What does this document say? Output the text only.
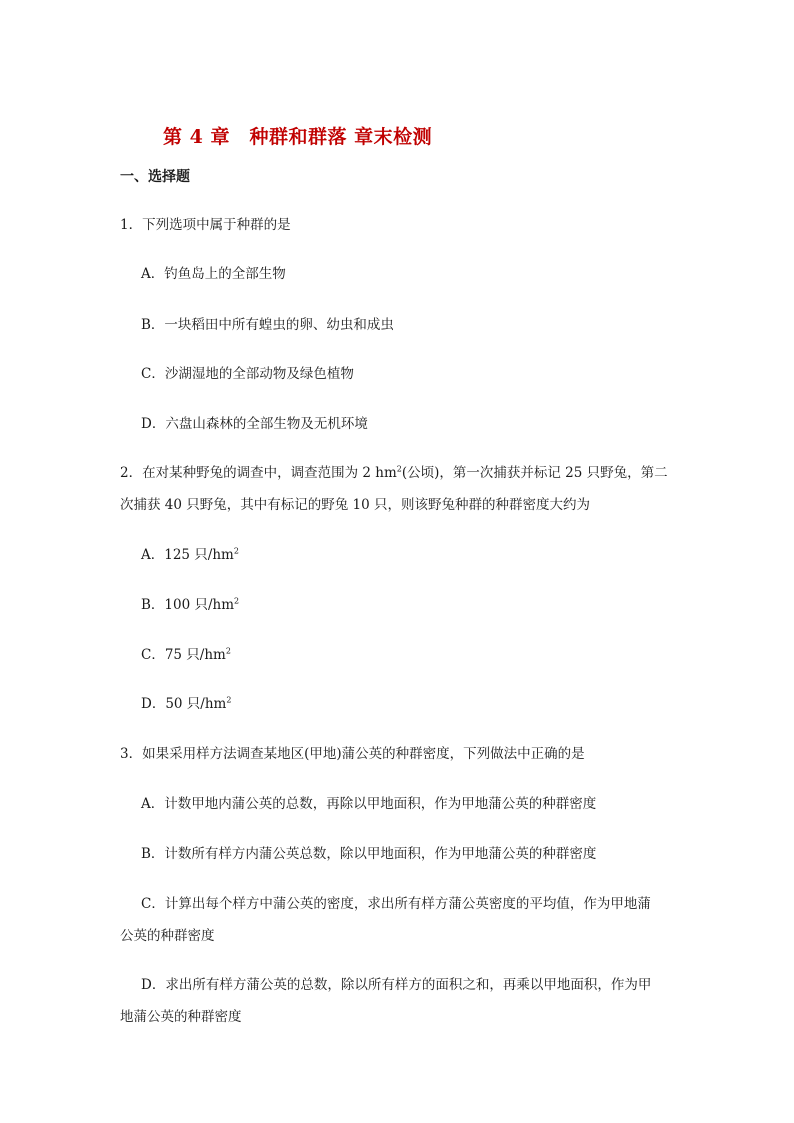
第 4 章　种群和群落 章末检测
一、选择题
1．下列选项中属于种群的是
A．钓鱼岛上的全部生物
B．一块稻田中所有蝗虫的卵、幼虫和成虫
C．沙湖湿地的全部动物及绿色植物
D．六盘山森林的全部生物及无机环境
2．在对某种野兔的调查中，调查范围为 2 $hm^2$(公顷)，第一次捕获并标记 25 只野兔，第二
次捕获 40 只野兔，其中有标记的野兔 10 只，则该野兔种群的种群密度大约为
A．125 只$/hm^2$
B．100 只$/hm^2$
C．75 只$/hm^2$
D．50 只$/hm^2$
3．如果采用样方法调查某地区(甲地)蒲公英的种群密度，下列做法中正确的是
A．计数甲地内蒲公英的总数，再除以甲地面积，作为甲地蒲公英的种群密度
B．计数所有样方内蒲公英总数，除以甲地面积，作为甲地蒲公英的种群密度
C．计算出每个样方中蒲公英的密度，求出所有样方蒲公英密度的平均值，作为甲地蒲
公英的种群密度
D．求出所有样方蒲公英的总数，除以所有样方的面积之和，再乘以甲地面积，作为甲
地蒲公英的种群密度
